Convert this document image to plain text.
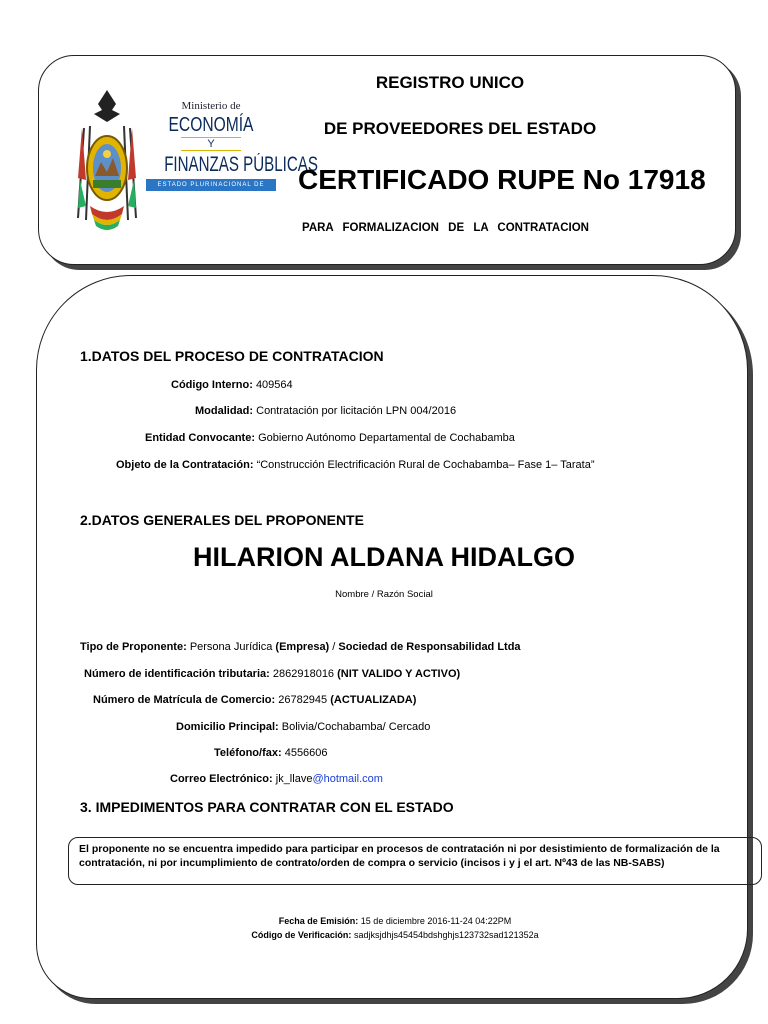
Ministerio de
ECONOMÍA
Y
FINANZAS PÚBLICAS
ESTADO PLURINACIONAL DE BOLIVIA
REGISTRO UNICO
DE PROVEEDORES DEL ESTADO
CERTIFICADO RUPE No 17918
PARA FORMALIZACION DE LA CONTRATACION
1.DATOS DEL PROCESO DE CONTRATACION
Código Interno: 409564
Modalidad: Contratación por licitación LPN 004/2016
Entidad Convocante: Gobierno Autónomo Departamental de Cochabamba
Objeto de la Contratación: “Construcción Electrificación Rural de Cochabamba– Fase 1– Tarata”
2.DATOS GENERALES DEL PROPONENTE
HILARION ALDANA HIDALGO
Nombre / Razón Social
Tipo de Proponente: Persona Jurídica (Empresa) / Sociedad de Responsabilidad Ltda
Número de identificación tributaria: 2862918016 (NIT VALIDO Y ACTIVO)
Número de Matrícula de Comercio: 26782945 (ACTUALIZADA)
Domicilio Principal: Bolivia/Cochabamba/ Cercado
Teléfono/fax: 4556606
Correo Electrónico: jk_llave@hotmail.com
3. IMPEDIMENTOS PARA CONTRATAR CON EL ESTADO
El proponente no se encuentra impedido para participar en procesos de contratación ni por desistimiento de formalización de la contratación, ni por incumplimiento de contrato/orden de compra o servicio (incisos i y j el art. Nº43 de las NB-SABS)
Fecha de Emisión: 15 de diciembre 2016-11-24 04:22PM
Código de Verificación: sadjksjdhjs45454bdshghjs123732sad121352a
